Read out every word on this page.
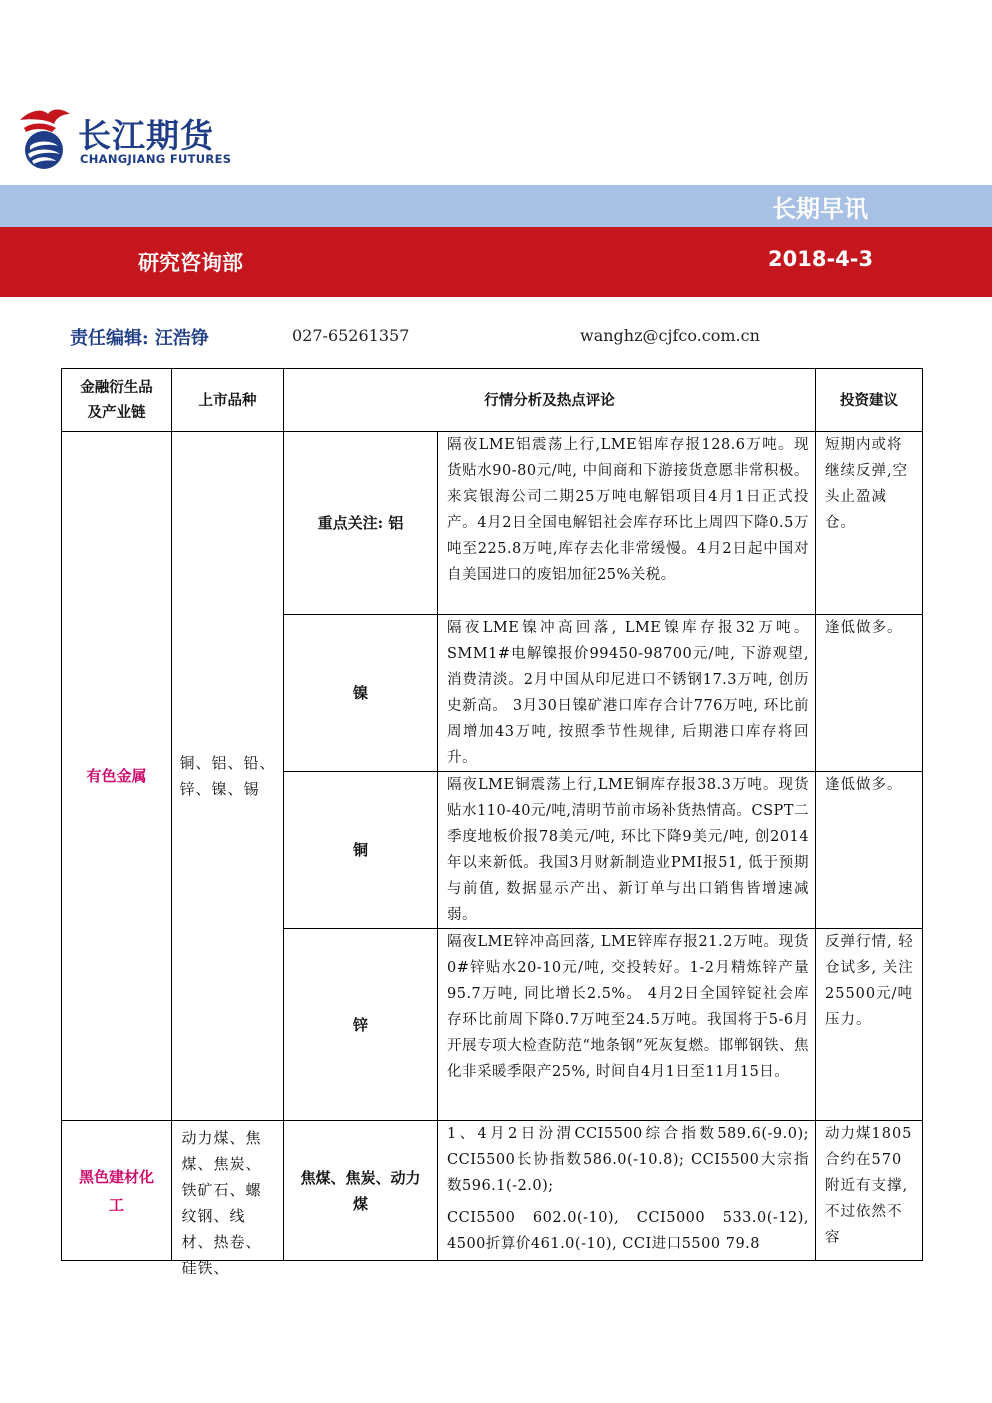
长江期货
CHANGJIANG FUTURES
长期早讯
研究咨询部	2018-4-3
责任编辑: 汪浩铮	027-65261357	wanghz@cjfco.com.cn
金融衍生品及产业链	上市品种	行情分析及热点评论		投资建议
有色金属	铜、铝、铅、锌、镍、锡	重点关注: 铝	隔夜LME铝震荡上行,LME铝库存报128.6万吨。现货贴水90-80元/吨, 中间商和下游接货意愿非常积极。来宾银海公司二期25万吨电解铝项目4月1日正式投产。4月2日全国电解铝社会库存环比上周四下降0.5万吨至225.8万吨,库存去化非常缓慢。4月2日起中国对自美国进口的废铝加征25%关税。	短期内或将继续反弹,空头止盈减仓。
		镍	隔夜LME镍冲高回落, LME镍库存报32万吨。SMM1#电解镍报价99450-98700元/吨, 下游观望,消费清淡。2月中国从印尼进口不锈钢17.3万吨, 创历史新高。 3月30日镍矿港口库存合计776万吨, 环比前周增加43万吨, 按照季节性规律, 后期港口库存将回升。	逢低做多。
		铜	隔夜LME铜震荡上行,LME铜库存报38.3万吨。现货贴水110-40元/吨,清明节前市场补货热情高。CSPT二季度地板价报78美元/吨, 环比下降9美元/吨, 创2014年以来新低。我国3月财新制造业PMI报51, 低于预期与前值, 数据显示产出、新订单与出口销售皆增速减弱。	逢低做多。
		锌	隔夜LME锌冲高回落, LME锌库存报21.2万吨。现货0#锌贴水20-10元/吨, 交投转好。1-2月精炼锌产量95.7万吨, 同比增长2.5%。 4月2日全国锌锭社会库存环比前周下降0.7万吨至24.5万吨。我国将于5-6月开展专项大检查防范“地条钢”死灰复燃。邯郸钢铁、焦化非采暖季限产25%, 时间自4月1日至11月15日。	反弹行情, 轻仓试多, 关注25500元/吨压力。

黑色建材化工	动力煤、焦煤、焦炭、铁矿石、螺纹钢、线材、热卷、硅铁、	焦煤、焦炭、动力煤	1、4月2日汾渭CCI5500综合指数589.6(-9.0); CCI5500长协指数586.0(-10.8); CCI5500大宗指数596.1(-2.0);

CCI5500 602.0(-10), CCI5000 533.0(-12), 4500折算价461.0(-10), CCI进口5500 79.8	动力煤1805合约在570附近有支撑, 不过依然不容
